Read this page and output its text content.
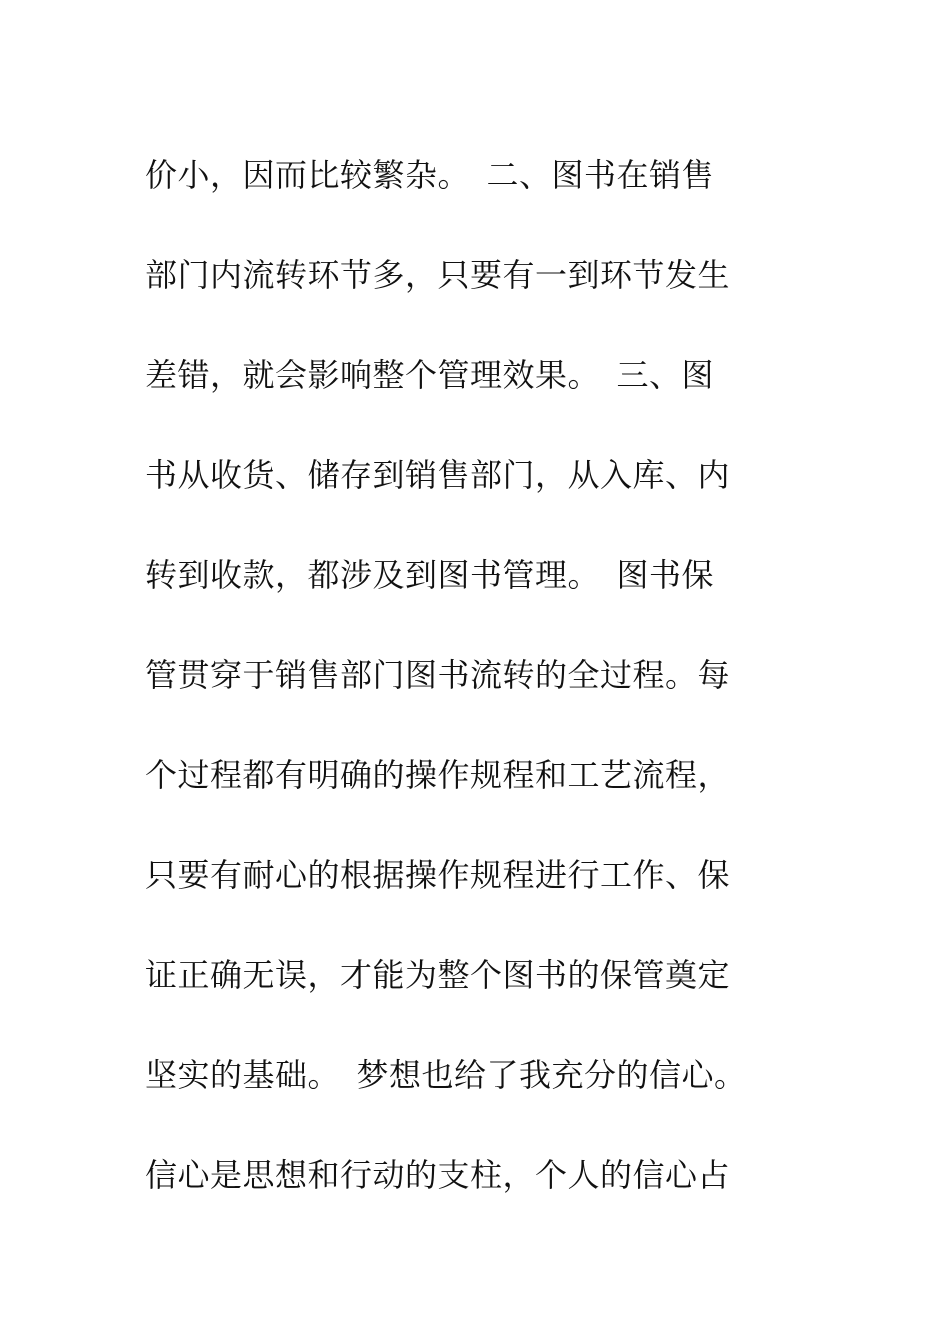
价小，因而比较繁杂。　二、图书在销售
部门内流转环节多，只要有一到环节发生
差错，就会影响整个管理效果。　三、图
书从收货、储存到销售部门，从入库、内
转到收款，都涉及到图书管理。　图书保
管贯穿于销售部门图书流转的全过程。每
个过程都有明确的操作规程和工艺流程，
只要有耐心的根据操作规程进行工作、保
证正确无误，才能为整个图书的保管奠定
坚实的基础。　梦想也给了我充分的信心。
信心是思想和行动的支柱，个人的信心占
